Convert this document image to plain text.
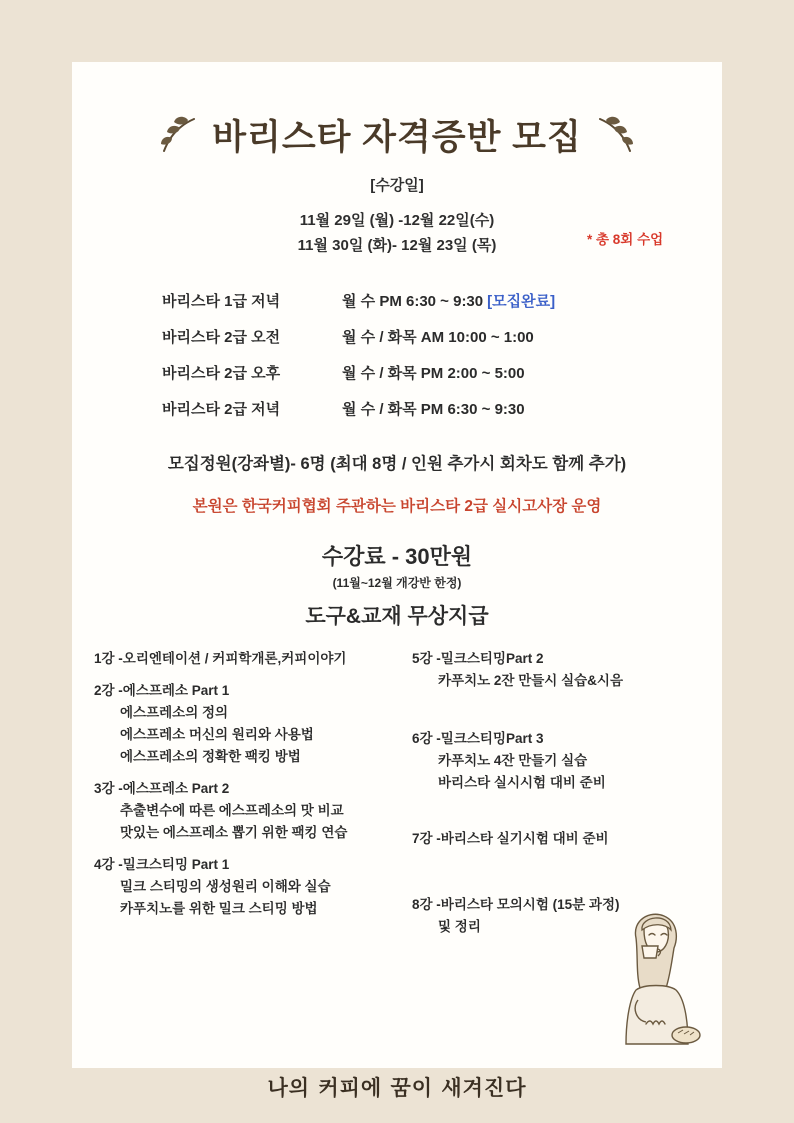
바리스타 자격증반 모집
[수강일]
11월 29일 (월) -12월 22일(수)
11월 30일 (화)- 12월 23일 (목)	* 총 8회 수업
바리스타 1급 저녁	월 수 PM 6:30 ~ 9:30 [모집완료]
바리스타 2급 오전	월 수 / 화목 AM 10:00 ~ 1:00
바리스타 2급 오후	월 수 / 화목 PM 2:00 ~ 5:00
바리스타 2급 저녁	월 수 / 화목 PM 6:30 ~ 9:30
모집정원(강좌별)- 6명 (최대 8명 / 인원 추가시 회차도 함께 추가)
본원은 한국커피협회 주관하는 바리스타 2급 실시고사장 운영
수강료 - 30만원
(11월~12월 개강반 한정)
도구&교재 무상지급
1강 -오리엔테이션 / 커피학개론,커피이야기
2강 -에스프레소 Part 1
에스프레소의 정의
에스프레소 머신의 원리와 사용법
에스프레소의 정확한 팩킹 방법
3강 -에스프레소 Part 2
추출변수에 따른 에스프레소의 맛 비교
맛있는 에스프레소 뽑기 위한 팩킹 연습
4강 -밀크스티밍 Part 1
밀크 스티밍의 생성원리 이해와 실습
카푸치노를 위한 밀크 스티밍 방법
5강 -밀크스티밍Part 2
카푸치노 2잔 만들시 실습&시음
6강 -밀크스티밍Part 3
카푸치노 4잔 만들기 실습
바리스타 실시시험 대비 준비
7강 -바리스타 실기시험 대비 준비
8강 -바리스타 모의시험 (15분 과정)
및 정리
나의 커피에 꿈이 새겨진다
